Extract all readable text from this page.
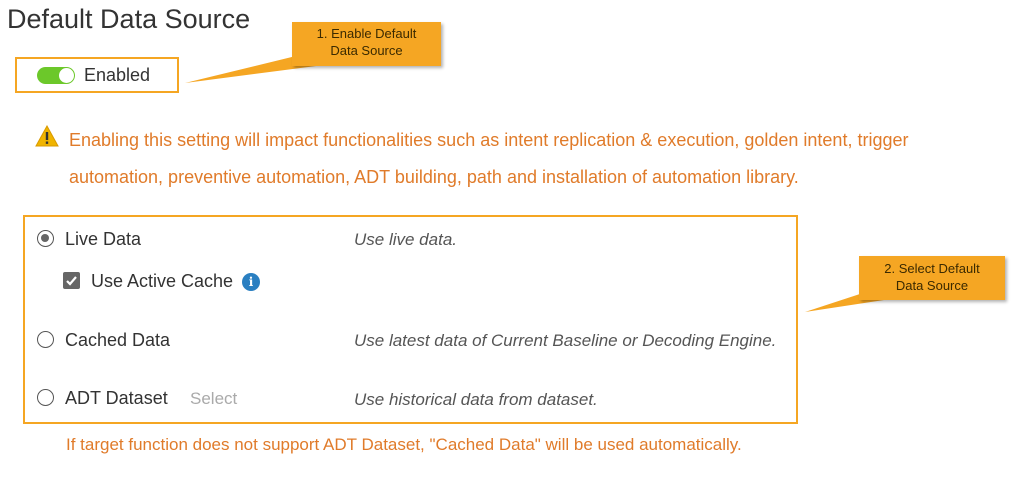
Default Data Source
Enabled
Enabling this setting will impact functionalities such as intent replication & execution, golden intent, trigger automation, preventive automation, ADT building, path and installation of automation library.
Live Data	Use live data.
Use Active Cache	i
Cached Data	Use latest data of Current Baseline or Decoding Engine.
ADT Dataset Select	Use historical data from dataset.
If target function does not support ADT Dataset, "Cached Data" will be used automatically.
1. Enable Default
Data Source
2. Select Default
Data Source
